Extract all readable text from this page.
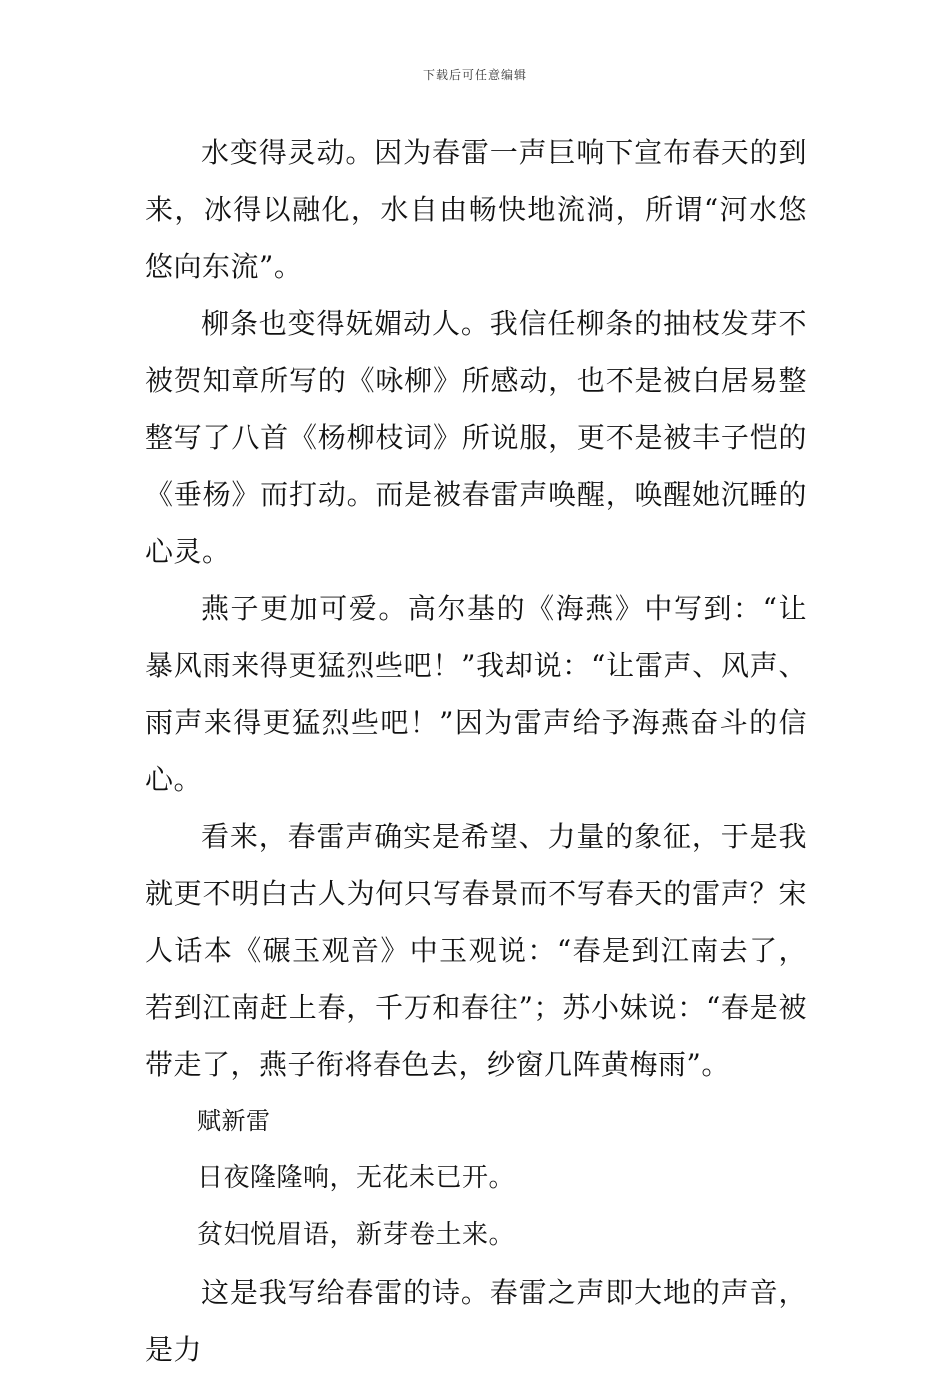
下载后可任意编辑

水变得灵动。因为春雷一声巨响下宣布春天的到来，冰得以融化，水自由畅快地流淌，所谓“河水悠悠向东流”。

柳条也变得妩媚动人。我信任柳条的抽枝发芽不被贺知章所写的《咏柳》所感动，也不是被白居易整整写了八首《杨柳枝词》所说服，更不是被丰子恺的《垂杨》而打动。而是被春雷声唤醒，唤醒她沉睡的心灵。

燕子更加可爱。高尔基的《海燕》中写到：“让暴风雨来得更猛烈些吧！”我却说：“让雷声、风声、雨声来得更猛烈些吧！”因为雷声给予海燕奋斗的信心。

看来，春雷声确实是希望、力量的象征，于是我就更不明白古人为何只写春景而不写春天的雷声？宋人话本《碾玉观音》中玉观说：“春是到江南去了，若到江南赶上春，千万和春往”；苏小妹说：“春是被带走了，燕子衔将春色去，纱窗几阵黄梅雨”。

赋新雷

日夜隆隆响，无花未已开。

贫妇悦眉语，新芽卷土来。

这是我写给春雷的诗。春雷之声即大地的声音，是力
